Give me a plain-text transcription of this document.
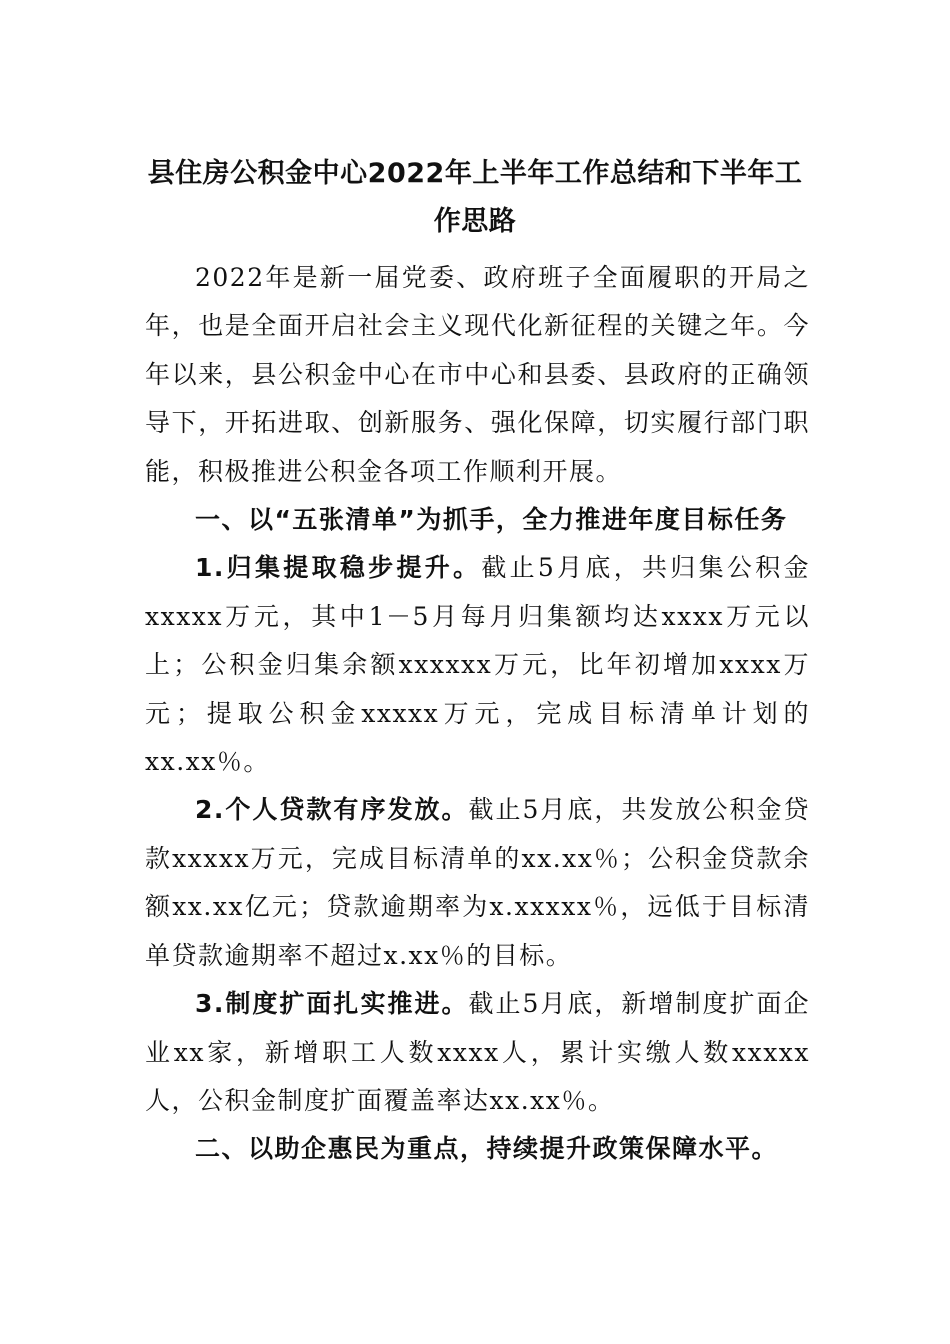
县住房公积金中心2022年上半年工作总结和下半年工作思路

2022年是新一届党委、政府班子全面履职的开局之年，也是全面开启社会主义现代化新征程的关键之年。今年以来，县公积金中心在市中心和县委、县政府的正确领导下，开拓进取、创新服务、强化保障，切实履行部门职能，积极推进公积金各项工作顺利开展。

一、以“五张清单”为抓手，全力推进年度目标任务

1.归集提取稳步提升。截止5月底，共归集公积金xxxxx万元，其中1－5月每月归集额均达xxxx万元以上；公积金归集余额xxxxxx万元，比年初增加xxxx万元；提取公积金xxxxx万元，完成目标清单计划的xx.xx％。

2.个人贷款有序发放。截止5月底，共发放公积金贷款xxxxx万元，完成目标清单的xx.xx％；公积金贷款余额xx.xx亿元；贷款逾期率为x.xxxxx％，远低于目标清单贷款逾期率不超过x.xx％的目标。

3.制度扩面扎实推进。截止5月底，新增制度扩面企业xx家，新增职工人数xxxx人，累计实缴人数xxxxx人，公积金制度扩面覆盖率达xx.xx％。

二、以助企惠民为重点，持续提升政策保障水平。
